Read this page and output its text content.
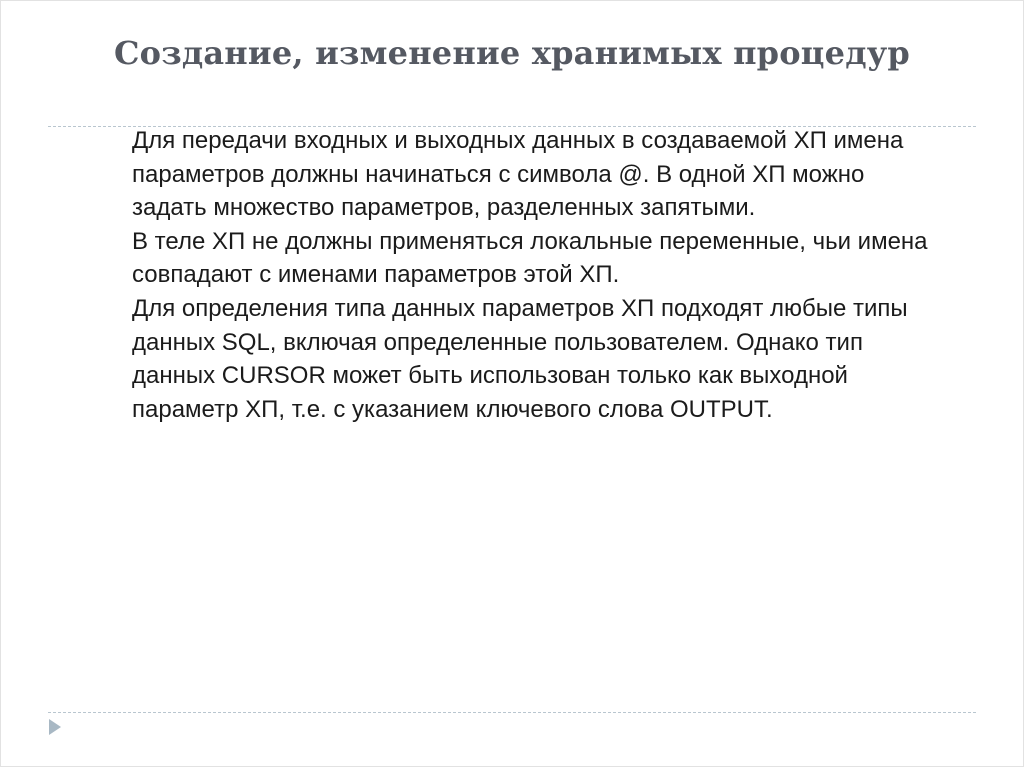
Создание, изменение хранимых процедур

Для передачи входных и выходных данных в создаваемой ХП имена параметров должны начинаться с символа @. В одной ХП можно задать множество параметров, разделенных запятыми.

В теле ХП не должны применяться локальные переменные, чьи имена совпадают с именами параметров этой ХП.

Для определения типа данных параметров ХП подходят любые типы данных SQL, включая определенные пользователем. Однако тип данных CURSOR может быть использован только как выходной параметр ХП, т.е. с указанием ключевого слова OUTPUT.
